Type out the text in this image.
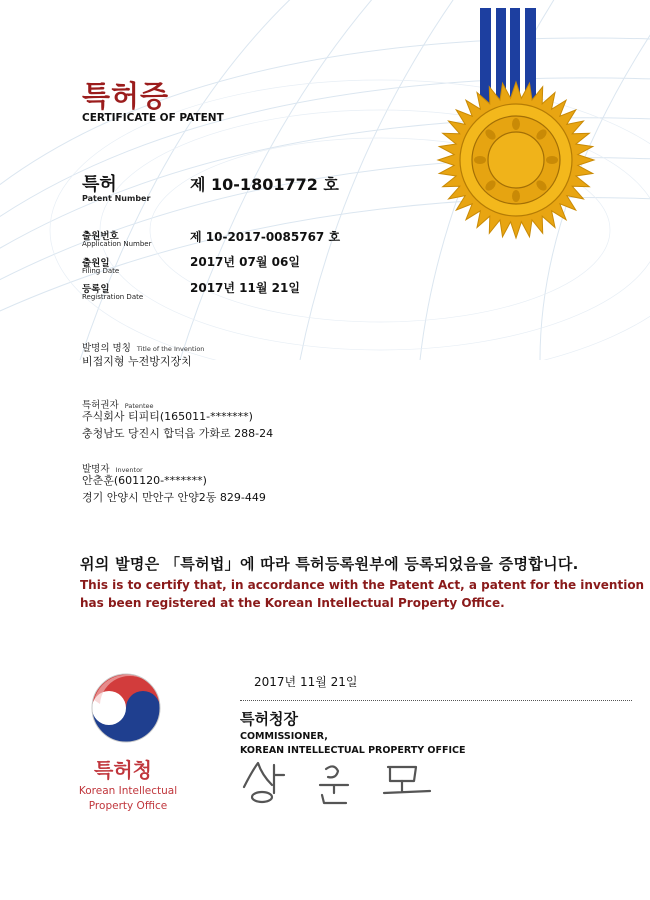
특허증
CERTIFICATE OF PATENT
특허
Patent Number
제 10-1801772 호
출원번호
Application Number	제 10-2017-0085767 호
출원일
Filing Date
2017년 07월 06일
등록일
Registration Date
2017년 11월 21일
발명의 명칭 Title of the Invention
비접지형 누전방지장치
특허권자 Patentee
주식회사 티피티(165011-*******)
충청남도 당진시 합덕읍 가화로 288-24
발명자 Inventor
안춘훈(601120-*******)
경기 안양시 만안구 안양2동 829-449
위의 발명은 「특허법」에 따라 특허등록원부에 등록되었음을 증명합니다.
This is to certify that, in accordance with the Patent Act, a patent for the invention
has been registered at the Korean Intellectual Property Office.
2017년 11월 21일
특허청장
COMMISSIONER,
KOREAN INTELLECTUAL PROPERTY OFFICE
특허청
Korean Intellectual
Property Office
